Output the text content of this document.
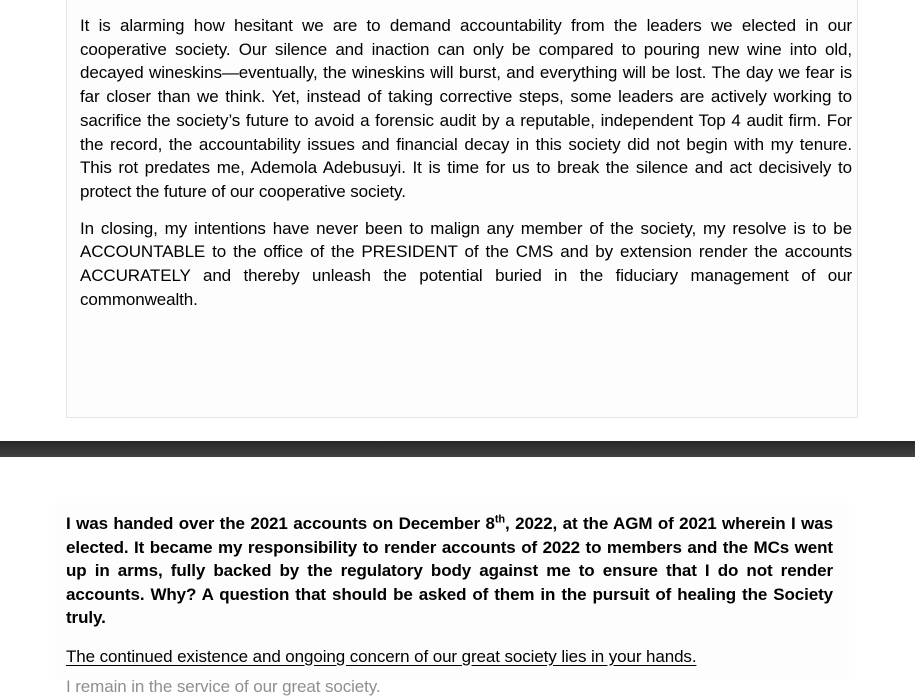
It is alarming how hesitant we are to demand accountability from the leaders we elected in our cooperative society. Our silence and inaction can only be compared to pouring new wine into old, decayed wineskins—eventually, the wineskins will burst, and everything will be lost. The day we fear is far closer than we think. Yet, instead of taking corrective steps, some leaders are actively working to sacrifice the society’s future to avoid a forensic audit by a reputable, independent Top 4 audit firm. For the record, the accountability issues and financial decay in this society did not begin with my tenure. This rot predates me, Ademola Adebusuyi. It is time for us to break the silence and act decisively to protect the future of our cooperative society.

In closing, my intentions have never been to malign any member of the society, my resolve is to be ACCOUNTABLE to the office of the PRESIDENT of the CMS and by extension render the accounts ACCURATELY and thereby unleash the potential buried in the fiduciary management of our commonwealth.

I was handed over the 2021 accounts on December 8th, 2022, at the AGM of 2021 wherein I was elected. It became my responsibility to render accounts of 2022 to members and the MCs went up in arms, fully backed by the regulatory body against me to ensure that I do not render accounts. Why? A question that should be asked of them in the pursuit of healing the Society truly.

The continued existence and ongoing concern of our great society lies in your hands.

I remain in the service of our great society.
